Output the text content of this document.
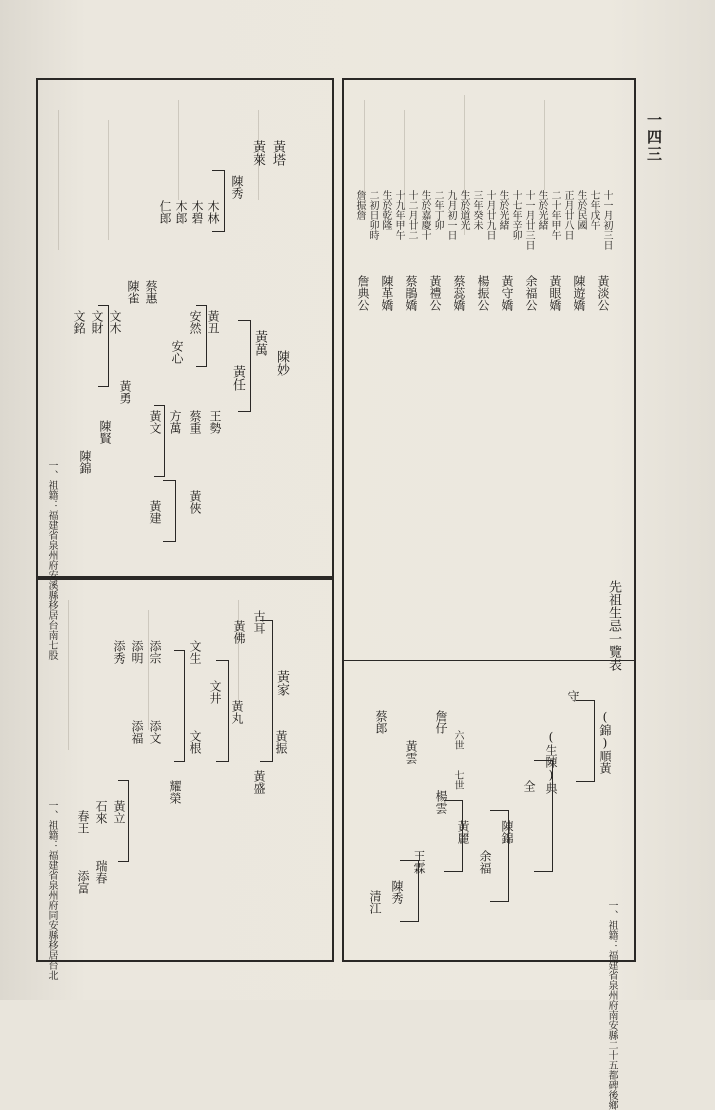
一四三
詹振詹 二初日卯時 生於乾隆 十九年甲午 十二月廿二 生於嘉慶十 二年丁卯 九月初一日 生於道光 三年癸未 十月廿九日 生於光緒 十七年辛卯 十一月廿三日 生於光緒 二十年甲午 正月廿八日 生於民國 七年戊午 十一月初三日
詹典公 陳革嬌 蔡鵑嬌 黃禮公 蔡蕊嬌 楊振公 黃守嬌 余福公 黃眼嬌 陳遊嬌 黃淡公
先祖生忌一覽表
(錦)順黃
守
(生陳)典
全
陳錦
余福
黃麗
楊雲
王霖
陳秀
清江
詹仔
黃雲
蔡郎
六世
七世
一、祖籍：福建省泉州府南安縣二十五都碑後鄉
黃塔
黃萊
陳秀
木林
木碧
木郎
仁郎
陳妙
黃萬
黃任
黃丑
安然
安心
王勢
蔡重
方萬
黃文
蔡惠
陳雀
文木
文財
文銘
黃勇
陳賢
陳錦
黃俠
黃建
一、祖籍：福建省泉州府安溪縣移居台南七股
黃家
古耳
黃佛
黃振
黃盛
黃丸
文井
文生
文根
耀榮
添宗
添明
添秀
添文
添福
黃立
石來
春王
瑞春
添富
一、祖籍：福建省泉州府同安縣移居台北
